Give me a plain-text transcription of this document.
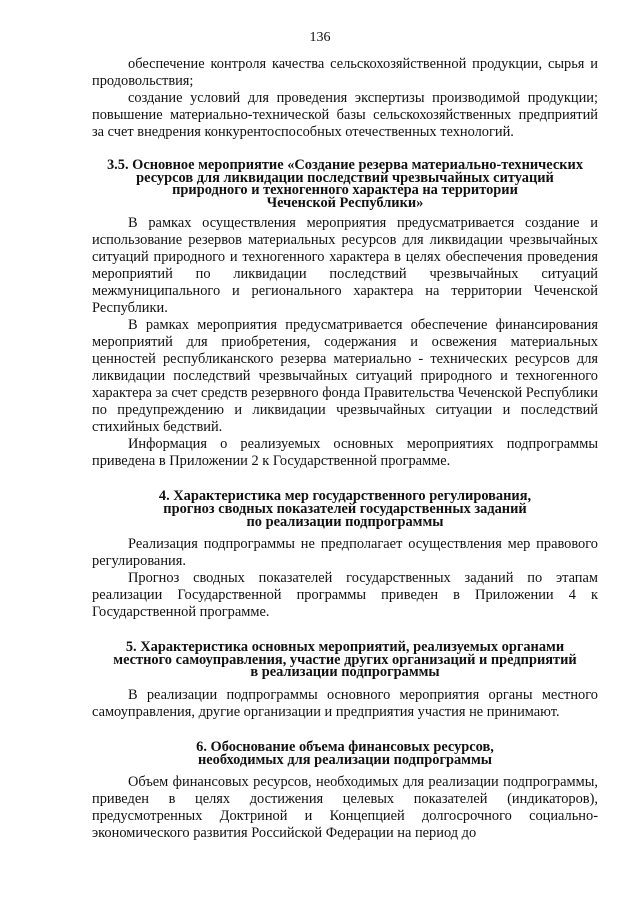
136

обеспечение контроля качества сельскохозяйственной продукции, сырья и продовольствия;

создание условий для проведения экспертизы производимой продукции; повышение материально-технической базы сельскохозяйственных предприятий за счет внедрения конкурентоспособных отечественных технологий.

3.5. Основное мероприятие «Создание резерва материально-технических
ресурсов для ликвидации последствий чрезвычайных ситуаций
природного и техногенного характера на территории
Чеченской Республики»

В рамках осуществления мероприятия предусматривается создание и использование резервов материальных ресурсов для ликвидации чрезвычайных ситуаций природного и техногенного характера в целях обеспечения проведения мероприятий по ликвидации последствий чрезвычайных ситуаций межмуниципального и регионального характера на территории Чеченской Республики.

В рамках мероприятия предусматривается обеспечение финансирования мероприятий для приобретения, содержания и освежения материальных ценностей республиканского резерва материально - технических ресурсов для ликвидации последствий чрезвычайных ситуаций природного и техногенного характера за счет средств резервного фонда Правительства Чеченской Республики по предупреждению и ликвидации чрезвычайных ситуации и последствий стихийных бедствий.

Информация о реализуемых основных мероприятиях подпрограммы приведена в Приложении 2 к Государственной программе.

4. Характеристика мер государственного регулирования,
прогноз сводных показателей государственных заданий
по реализации подпрограммы

Реализация подпрограммы не предполагает осуществления мер правового регулирования.

Прогноз сводных показателей государственных заданий по этапам реализации Государственной программы приведен в Приложении 4 к Государственной программе.

5. Характеристика основных мероприятий, реализуемых органами
местного самоуправления, участие других организаций и предприятий
в реализации подпрограммы

В реализации подпрограммы основного мероприятия органы местного самоуправления, другие организации и предприятия участия не принимают.

6. Обоснование объема финансовых ресурсов,
необходимых для реализации подпрограммы

Объем финансовых ресурсов, необходимых для реализации подпрограммы, приведен в целях достижения целевых показателей (индикаторов), предусмотренных Доктриной и Концепцией долгосрочного социально-экономического развития Российской Федерации на период до
